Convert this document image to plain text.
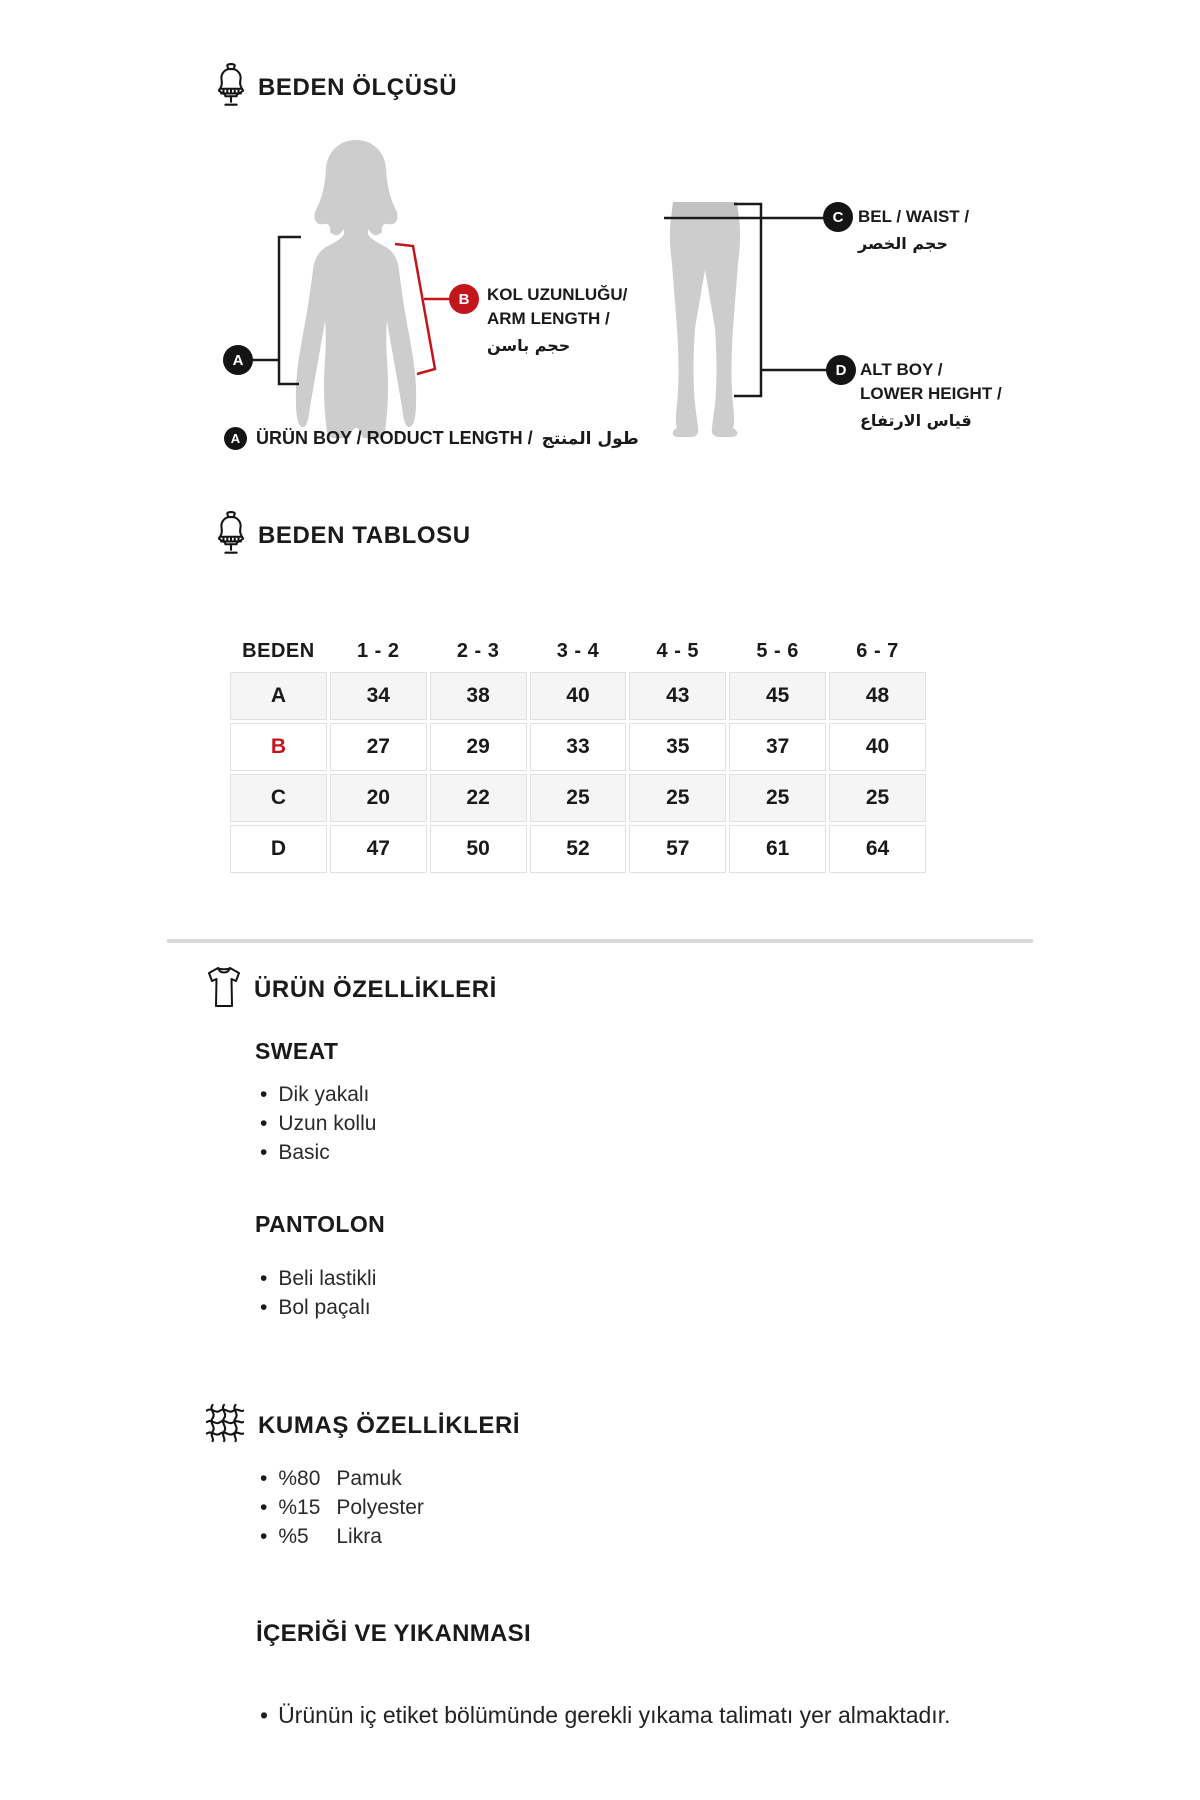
BEDEN ÖLÇÜSÜ
A
B
C
D
KOL UZUNLUĞU/
ARM LENGTH /
حجم باسن
BEL / WAIST /
حجم الخصر
ALT BOY /
LOWER HEIGHT /
قياس الارتفاع
A ÜRÜN BOY / RODUCT LENGTH / طول المنتج
BEDEN TABLOSU
BEDEN	1 - 2	2 - 3	3 - 4	4 - 5	5 - 6	6 - 7
A	34	38	40	43	45	48
B	27	29	33	35	37	40
C	20	22	25	25	25	25
D	47	50	52	57	61	64
ÜRÜN ÖZELLİKLERİ
SWEAT
• Dik yakalı
• Uzun kollu
• Basic
PANTOLON
• Beli lastikli
• Bol paçalı
KUMAŞ ÖZELLİKLERİ
• %80 Pamuk
• %15 Polyester
• %5	Likra
İÇERİĞİ VE YIKANMASI
• Ürünün iç etiket bölümünde gerekli yıkama talimatı yer almaktadır.
